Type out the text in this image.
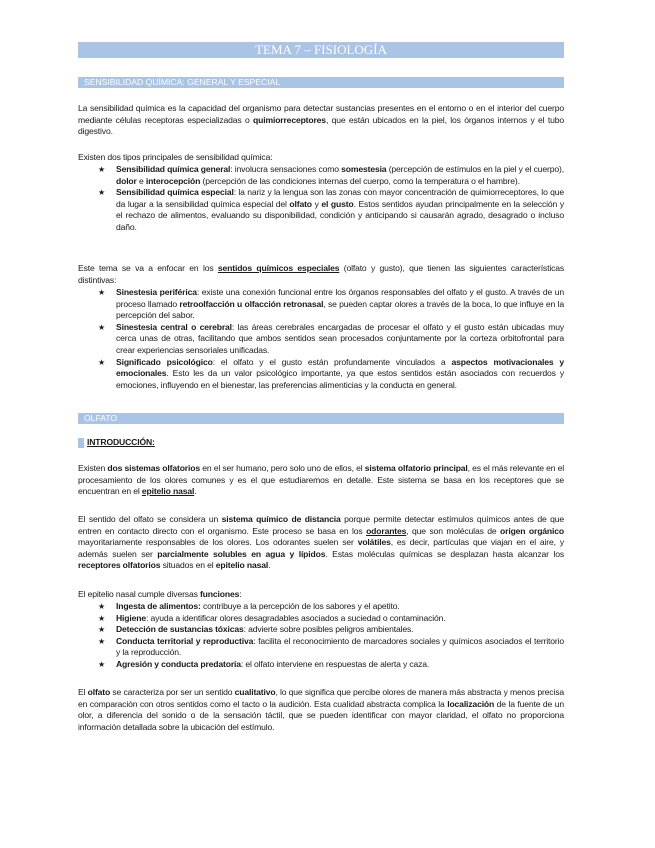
TEMA 7 – FISIOLOGÍA
SENSIBILIDAD QUÍMICA: GENERAL Y ESPECIAL

La sensibilidad química es la capacidad del organismo para detectar sustancias presentes en el entorno o en el interior del cuerpo mediante células receptoras especializadas o quimiorreceptores, que están ubicados en la piel, los órganos internos y el tubo digestivo.

Existen dos tipos principales de sensibilidad química:

★ Sensibilidad química general: involucra sensaciones como somestesia (percepción de estímulos en la piel y el cuerpo), dolor e interocepción (percepción de las condiciones internas del cuerpo, como la temperatura o el hambre).
★ Sensibilidad química especial: la nariz y la lengua son las zonas con mayor concentración de quimiorreceptores, lo que da lugar a la sensibilidad química especial del olfato y el gusto. Estos sentidos ayudan principalmente en la selección y el rechazo de alimentos, evaluando su disponibilidad, condición y anticipando si causarán agrado, desagrado o incluso daño.

Este tema se va a enfocar en los sentidos químicos especiales (olfato y gusto), que tienen las siguientes características distintivas:

★ Sinestesia periférica: existe una conexión funcional entre los órganos responsables del olfato y el gusto. A través de un proceso llamado retroolfacción u olfacción retronasal, se pueden captar olores a través de la boca, lo que influye en la percepción del sabor.
★ Sinestesia central o cerebral: las áreas cerebrales encargadas de procesar el olfato y el gusto están ubicadas muy cerca unas de otras, facilitando que ambos sentidos sean procesados conjuntamente por la corteza orbitofrontal para crear experiencias sensoriales unificadas.
★ Significado psicológico: el olfato y el gusto están profundamente vinculados a aspectos motivacionales y emocionales. Esto les da un valor psicológico importante, ya que estos sentidos están asociados con recuerdos y emociones, influyendo en el bienestar, las preferencias alimenticias y la conducta en general.
OLFATO
INTRODUCCIÓN:

Existen dos sistemas olfatorios en el ser humano, pero solo uno de ellos, el sistema olfatorio principal, es el más relevante en el procesamiento de los olores comunes y es el que estudiaremos en detalle. Este sistema se basa en los receptores que se encuentran en el epitelio nasal.

El sentido del olfato se considera un sistema químico de distancia porque permite detectar estímulos químicos antes de que entren en contacto directo con el organismo. Este proceso se basa en los odorantes, que son moléculas de origen orgánico mayoritariamente responsables de los olores. Los odorantes suelen ser volátiles, es decir, partículas que viajan en el aire, y además suelen ser parcialmente solubles en agua y lípidos. Estas moléculas químicas se desplazan hasta alcanzar los receptores olfatorios situados en el epitelio nasal.

El epitelio nasal cumple diversas funciones:

★ Ingesta de alimentos: contribuye a la percepción de los sabores y el apetito.
★ Higiene: ayuda a identificar olores desagradables asociados a suciedad o contaminación.
★ Detección de sustancias tóxicas: advierte sobre posibles peligros ambientales.
★ Conducta territorial y reproductiva: facilita el reconocimiento de marcadores sociales y químicos asociados el territorio y la reproducción.
★ Agresión y conducta predatoria: el olfato interviene en respuestas de alerta y caza.

El olfato se caracteriza por ser un sentido cualitativo, lo que significa que percibe olores de manera más abstracta y menos precisa en comparación con otros sentidos como el tacto o la audición. Esta cualidad abstracta complica la localización de la fuente de un olor, a diferencia del sonido o de la sensación táctil, que se pueden identificar con mayor claridad, el olfato no proporciona información detallada sobre la ubicación del estímulo.
